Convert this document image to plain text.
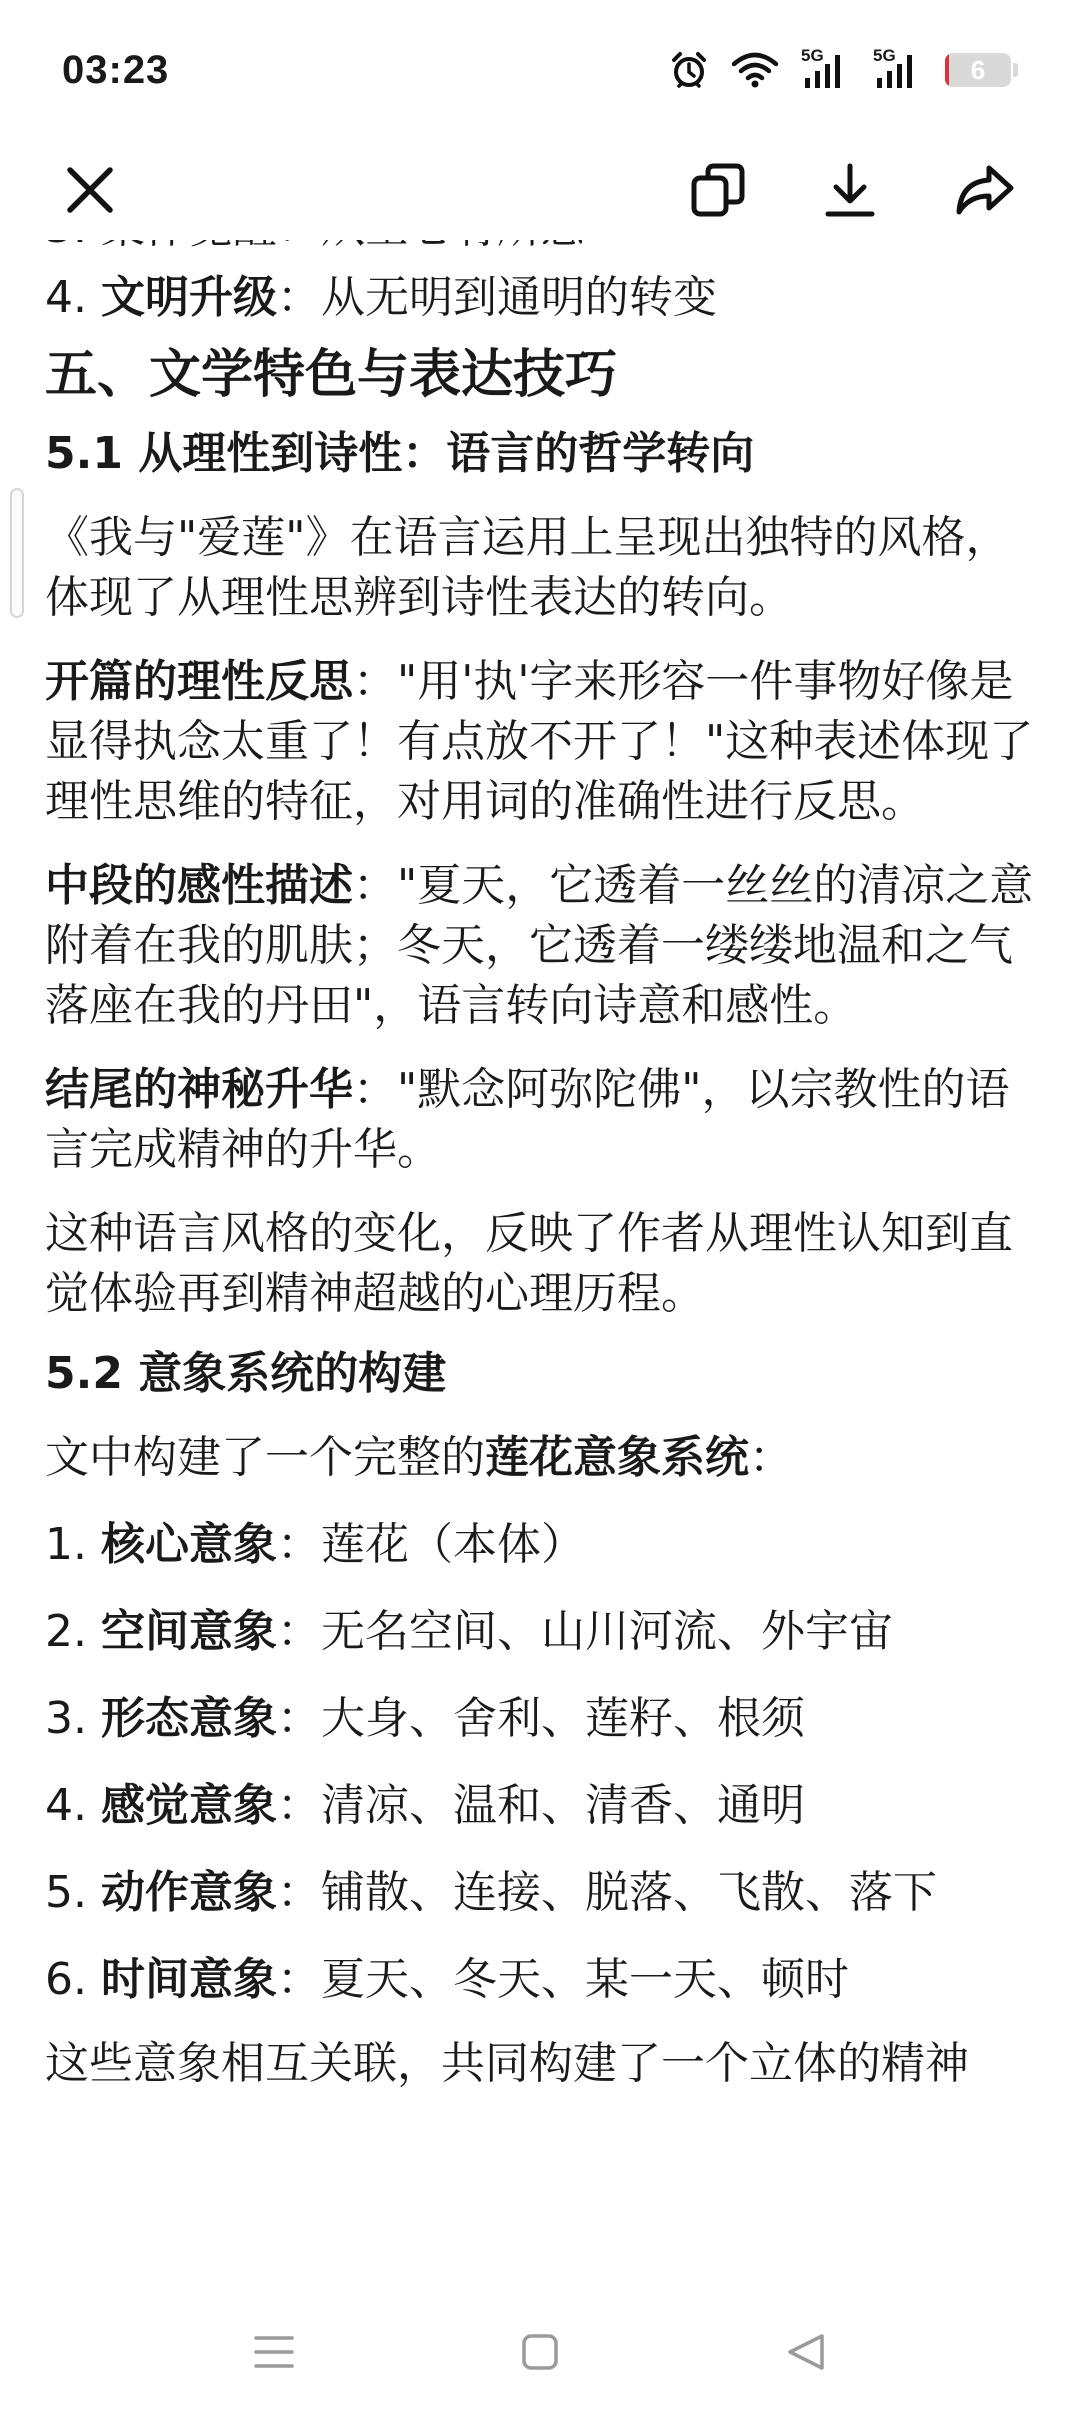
03:23	5G	5G	6

4. 文明升级：从无明到通明的转变

五、文学特色与表达技巧
5.1 从理性到诗性：语言的哲学转向

《我与"爱莲"》在语言运用上呈现出独特的风格，体现了从理性思辨到诗性表达的转向。

开篇的理性反思："用'执'字来形容一件事物好像是显得执念太重了！有点放不开了！"这种表述体现了理性思维的特征，对用词的准确性进行反思。

中段的感性描述："夏天，它透着一丝丝的清凉之意附着在我的肌肤；冬天，它透着一缕缕地温和之气落座在我的丹田"，语言转向诗意和感性。

结尾的神秘升华："默念阿弥陀佛"，以宗教性的语言完成精神的升华。

这种语言风格的变化，反映了作者从理性认知到直觉体验再到精神超越的心理历程。

5.2 意象系统的构建

文中构建了一个完整的莲花意象系统：

1. 核心意象：莲花（本体）

2. 空间意象：无名空间、山川河流、外宇宙

3. 形态意象：大身、舍利、莲籽、根须

4. 感觉意象：清凉、温和、清香、通明

5. 动作意象：铺散、连接、脱落、飞散、落下

6. 时间意象：夏天、冬天、某一天、顿时

这些意象相互关联，共同构建了一个立体的精神
